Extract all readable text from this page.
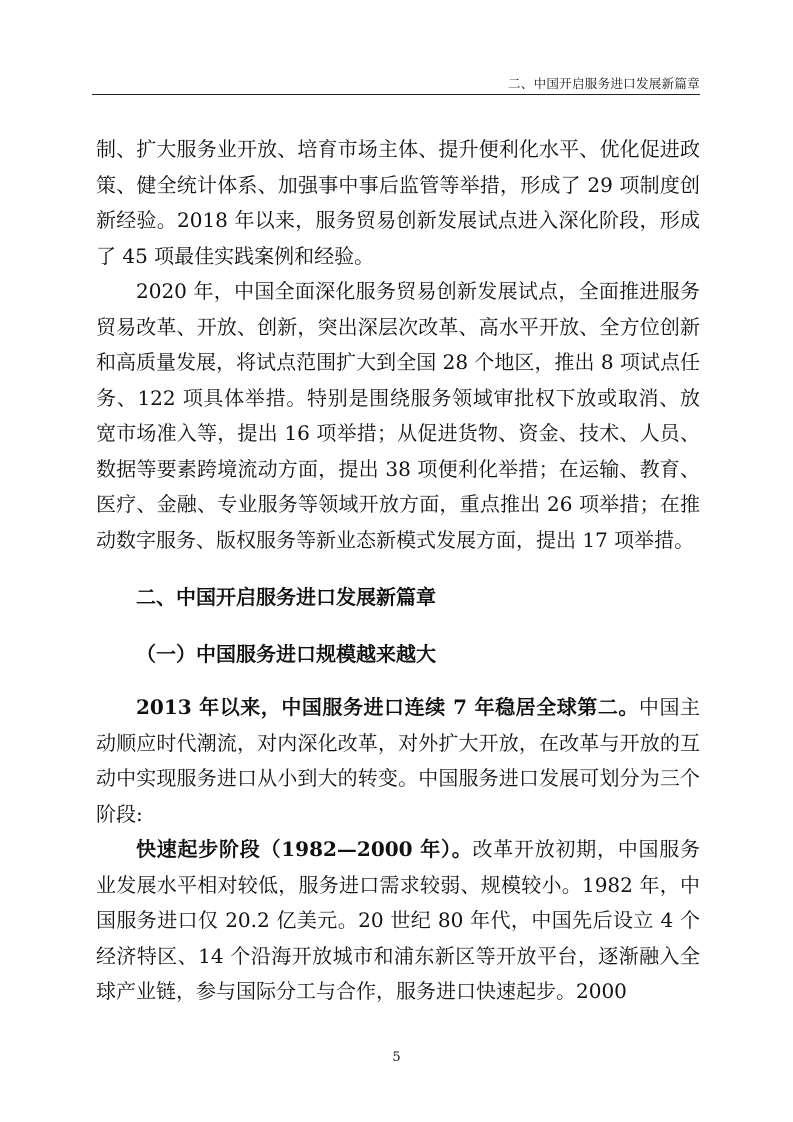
二、中国开启服务进口发展新篇章

制、扩大服务业开放、培育市场主体、提升便利化水平、优化促进政策、健全统计体系、加强事中事后监管等举措，形成了 29 项制度创新经验。2018 年以来，服务贸易创新发展试点进入深化阶段，形成了 45 项最佳实践案例和经验。

2020 年，中国全面深化服务贸易创新发展试点，全面推进服务贸易改革、开放、创新，突出深层次改革、高水平开放、全方位创新和高质量发展，将试点范围扩大到全国 28 个地区，推出 8 项试点任务、122 项具体举措。特别是围绕服务领域审批权下放或取消、放宽市场准入等，提出 16 项举措；从促进货物、资金、技术、人员、数据等要素跨境流动方面，提出 38 项便利化举措；在运输、教育、医疗、金融、专业服务等领域开放方面，重点推出 26 项举措；在推动数字服务、版权服务等新业态新模式发展方面，提出 17 项举措。

二、中国开启服务进口发展新篇章
（一）中国服务进口规模越来越大

2013 年以来，中国服务进口连续 7 年稳居全球第二。中国主动顺应时代潮流，对内深化改革，对外扩大开放，在改革与开放的互动中实现服务进口从小到大的转变。中国服务进口发展可划分为三个阶段:

快速起步阶段（1982—2000 年）。改革开放初期，中国服务业发展水平相对较低，服务进口需求较弱、规模较小。1982 年，中国服务进口仅 20.2 亿美元。20 世纪 80 年代，中国先后设立 4 个经济特区、14 个沿海开放城市和浦东新区等开放平台，逐渐融入全球产业链，参与国际分工与合作，服务进口快速起步。2000

5
